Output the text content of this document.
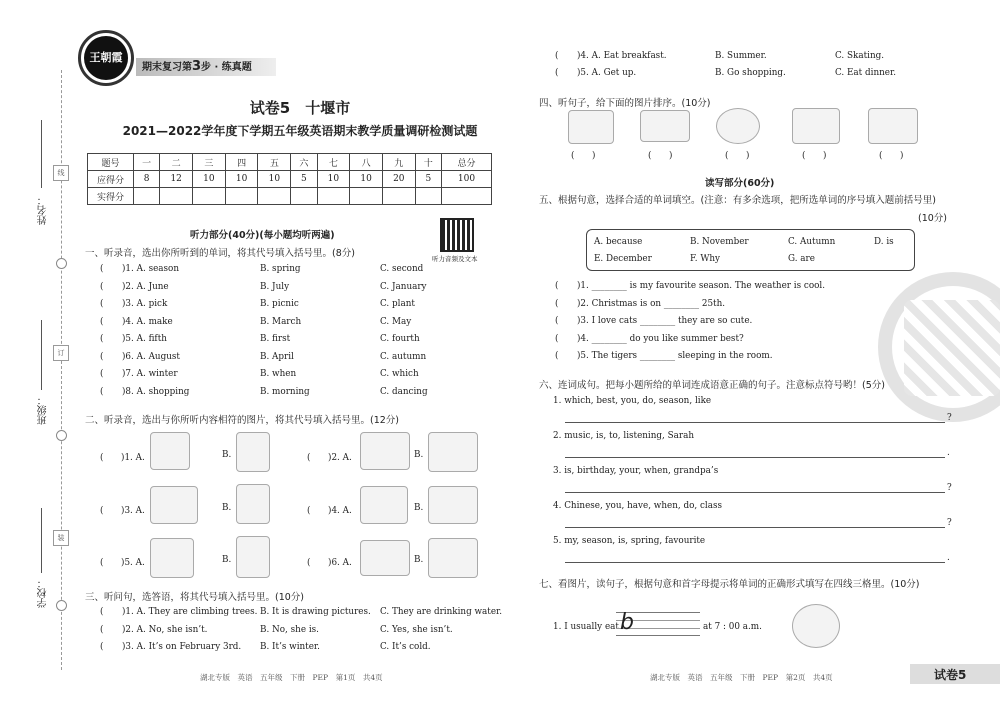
姓名：
班级：
学校：
线
订
装
王朝霞
期末复习第3步 · 练真题
试卷5　十堰市
2021—2022学年度下学期五年级英语期末教学质量调研检测试题
题号	一	二	三	四	五	六	七	八	九	十	总分
应得分	8	12	10	10	10	5	10	10	20	5	100
实得分											
听力部分(40分)(每小题均听两遍)
听力音频及文本
一、听录音，选出你所听到的单词，将其代号填入括号里。(8分)
( )1. A. season	B. spring	C. second
( )2. A. June	B. July	C. January
( )3. A. pick	B. picnic	C. plant
( )4. A. make	B. March	C. May
( )5. A. fifth	B. first	C. fourth
( )6. A. August	B. April	C. autumn
( )7. A. winter	B. when	C. which
( )8. A. shopping	B. morning	C. dancing
二、听录音，选出与你所听内容相符的图片，将其代号填入括号里。(12分)
(　　)1. A.	B.	(　　)2. A.	B.
(　　)3. A.	B.	(　　)4. A.	B.
(　　)5. A.	B.	(　　)6. A.	B.
三、听问句，选答语，将其代号填入括号里。(10分)
( )1. A. They are climbing trees. B. It is drawing pictures. C. They are drinking water.
( )2. A. No, she isn’t.	B. No, she is.	C. Yes, she isn’t.
( )3. A. It’s on February 3rd. B. It’s winter.	C. It’s cold.
湖北专版　英语　五年级　下册　PEP　第1页　共4页
( )4. A. Eat breakfast.	B. Summer.	C. Skating.
( )5. A. Get up.	B. Go shopping.	C. Eat dinner.
四、听句子，给下面的图片排序。(10分)
(　　)	(　　)	(　　)	(　　)	(　　)
读写部分(60分)
五、根据句意，选择合适的单词填空。(注意：有多余选项，把所选单词的序号填入题前括号里)
(10分)
A. because	B. November	C. Autumn	D. is
E. December	F. Why	G. are
( )1. ________ is my favourite season. The weather is cool.
( )2. Christmas is on ________ 25th.
( )3. I love cats ________ they are so cute.
( )4. ________ do you like summer best?
( )5. The tigers ________ sleeping in the room.
六、连词成句。把每小题所给的单词连成语意正确的句子。注意标点符号哟！(5分)
1. which, best, you, do, season, like
?
2. music, is, to, listening, Sarah
.
3. is, birthday, your, when, grandpa’s
?
4. Chinese, you, have, when, do, class
?
5. my, season, is, spring, favourite
.
七、看图片，读句子，根据句意和首字母提示将单词的正确形式填写在四线三格里。(10分)
1. I usually eat b	at 7 : 00 a.m.
湖北专版　英语　五年级　下册　PEP　第2页　共4页	试卷5
